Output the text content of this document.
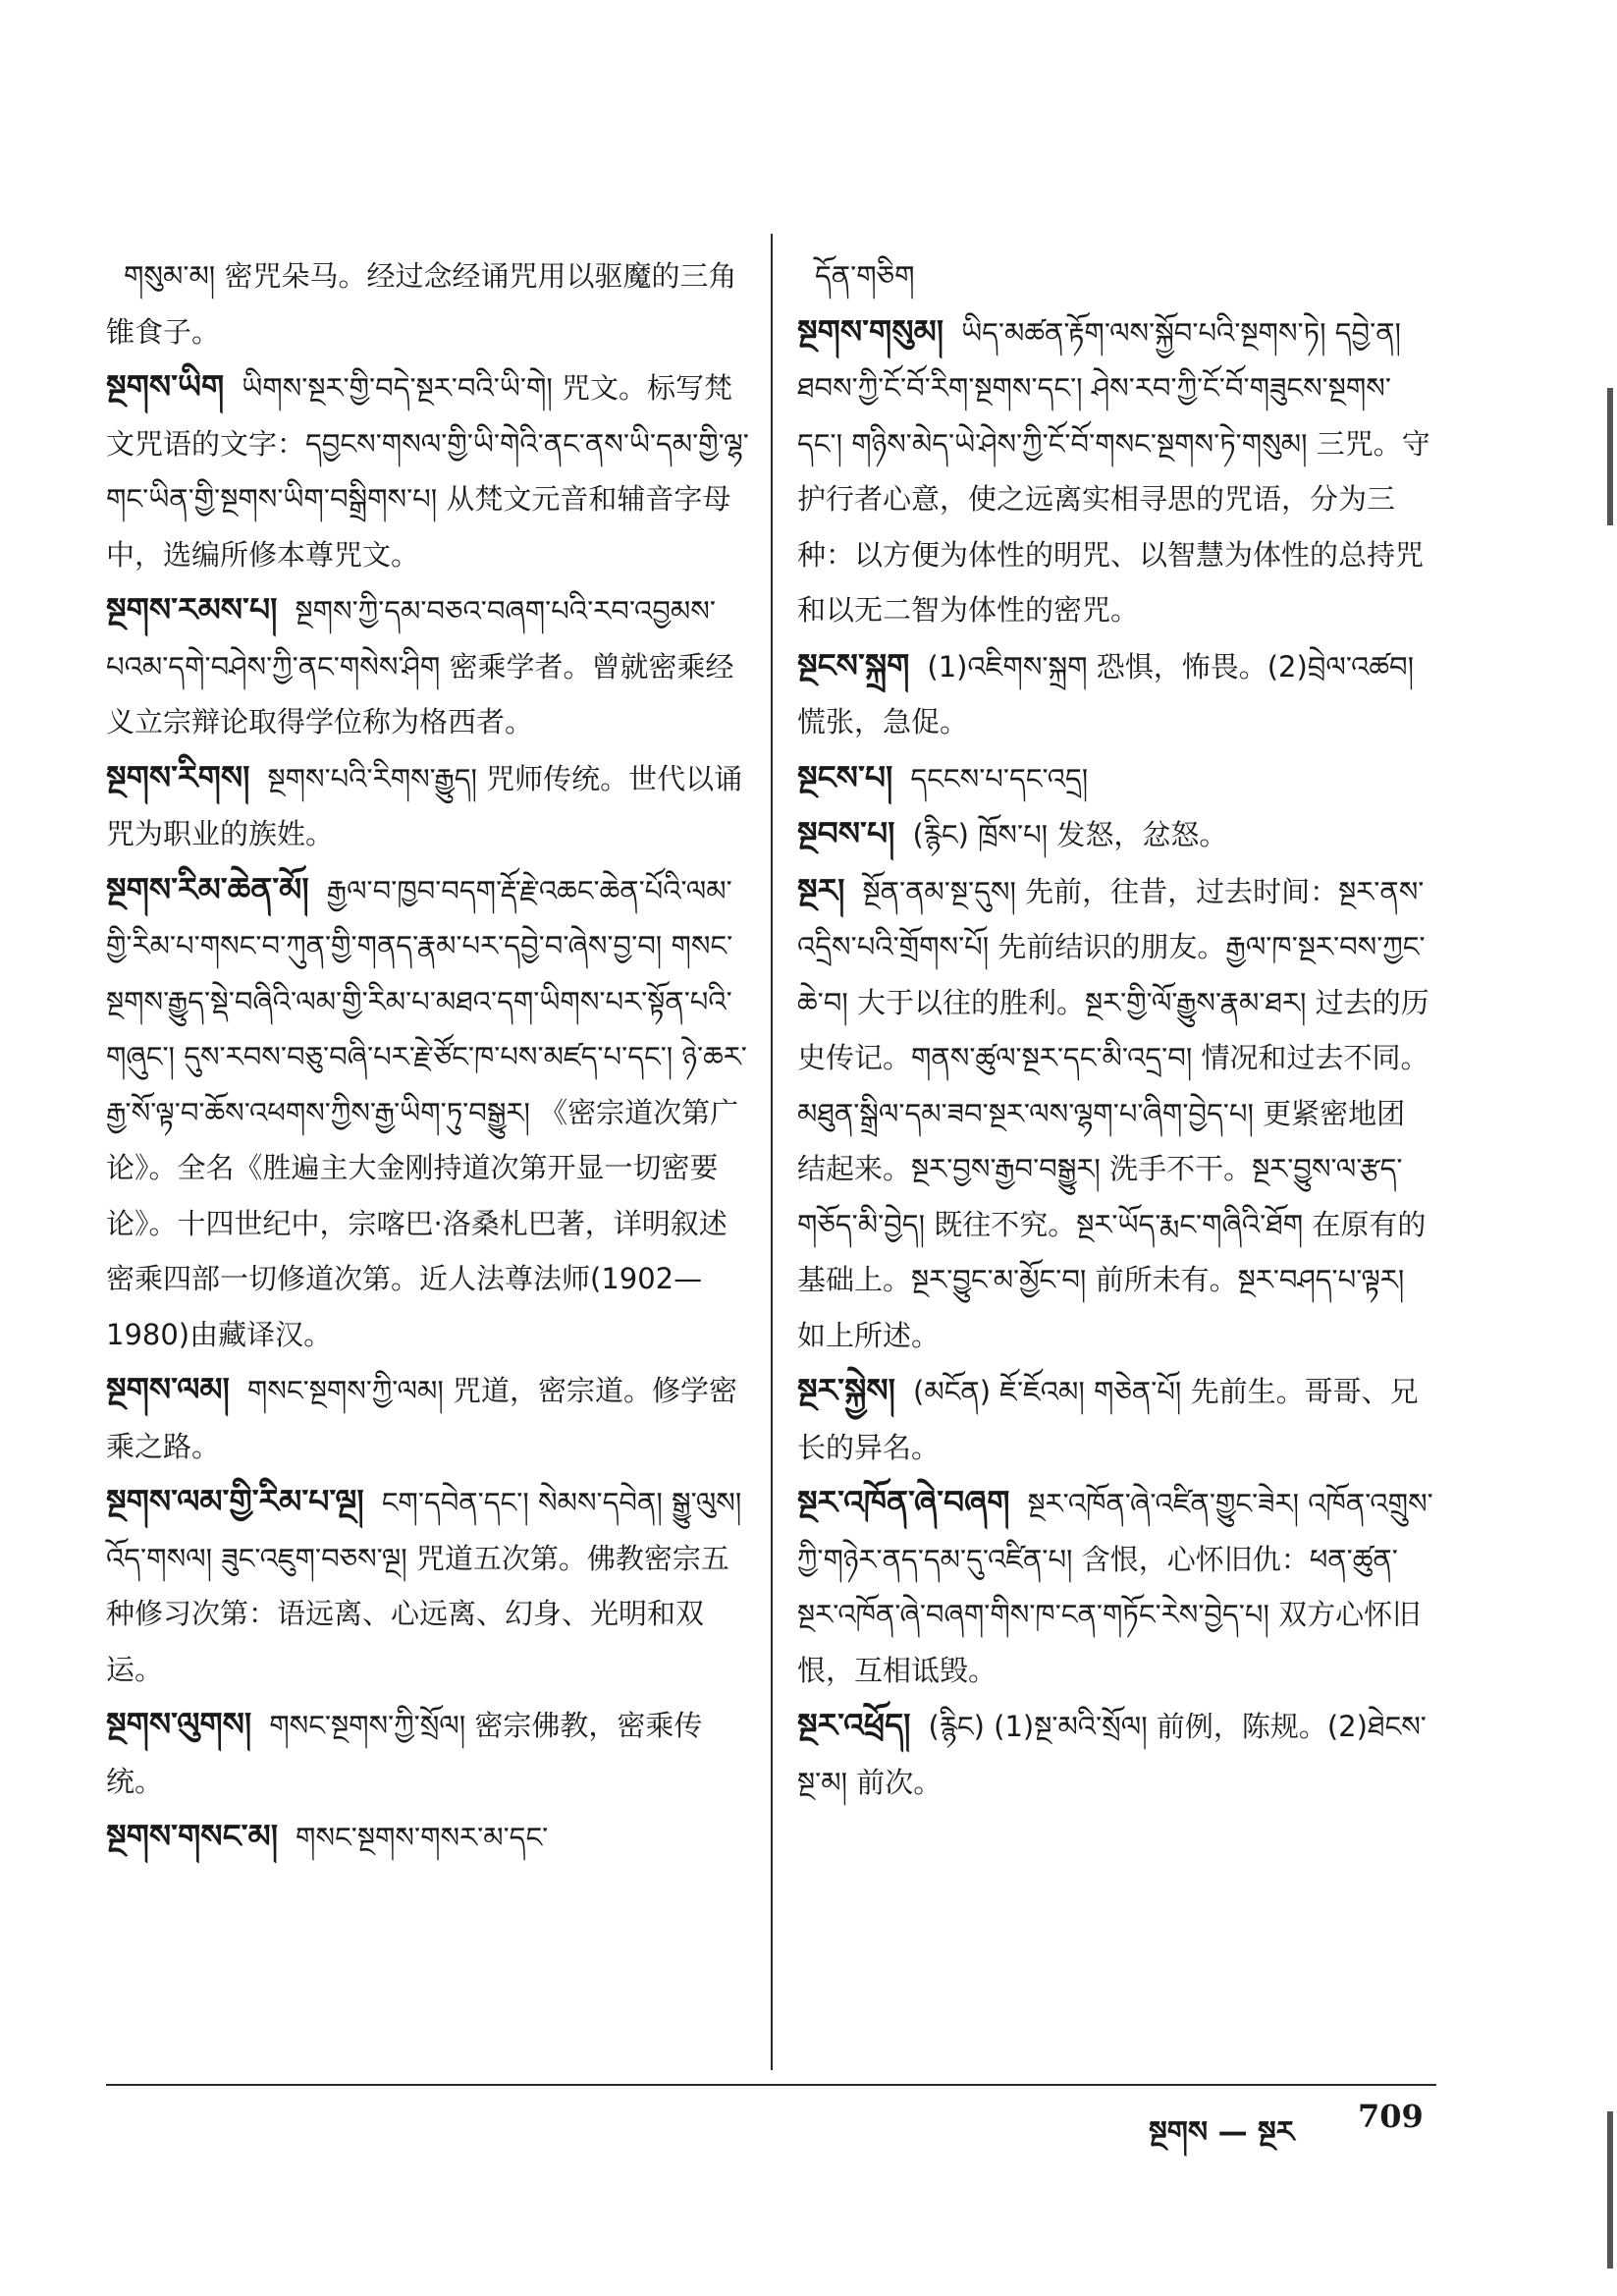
གསུམ་མ། 密咒朵马。经过念经诵咒用以驱魔的三角锥食子。
སྔགས་ཡིག ཡིགས་སྔར་གྱི་བདེ་སྔར་བའི་ཡི་གེ། 咒文。标写梵文咒语的文字：དབྱངས་གསལ་གྱི་ཡི་གེའི་ནང་ནས་ཡི་དམ་གྱི་ལྷ་གང་ཡིན་གྱི་སྔགས་ཡིག་བསྒྲིགས་པ། 从梵文元音和辅音字母中，选编所修本尊咒文。
སྔགས་རམས་པ། སྔགས་ཀྱི་དམ་བཅའ་བཞག་པའི་རབ་འབྱམས་པའམ་དགེ་བཤེས་ཀྱི་ནང་གསེས་ཤིག 密乘学者。曾就密乘经义立宗辩论取得学位称为格西者。
སྔགས་རིགས། སྔགས་པའི་རིགས་རྒྱུད། 咒师传统。世代以诵咒为职业的族姓。
སྔགས་རིམ་ཆེན་མོ། རྒྱལ་བ་ཁྱབ་བདག་རྡོ་རྗེ་འཆང་ཆེན་པོའི་ལམ་གྱི་རིམ་པ་གསང་བ་ཀུན་གྱི་གནད་རྣམ་པར་དབྱེ་བ་ཞེས་བྱ་བ། གསང་སྔགས་རྒྱུད་སྡེ་བཞིའི་ལམ་གྱི་རིམ་པ་མཐའ་དག་ཡིགས་པར་སྟོན་པའི་གཞུང་། དུས་རབས་བཅུ་བཞི་པར་རྗེ་ཙོང་ཁ་པས་མཛད་པ་དང་། ཉེ་ཆར་རྒྱ་སོ་ལྟ་བ་ཆོས་འཕགས་ཀྱིས་རྒྱ་ཡིག་ཏུ་བསྒྱུར། 《密宗道次第广论》。全名《胜遍主大金刚持道次第开显一切密要论》。十四世纪中，宗喀巴·洛桑札巴著，详明叙述密乘四部一切修道次第。近人法尊法师(1902—1980)由藏译汉。
སྔགས་ལམ། གསང་སྔགས་ཀྱི་ལམ། 咒道，密宗道。修学密乘之路。
སྔགས་ལམ་གྱི་རིམ་པ་ལྔ། ངག་དབེན་དང་། སེམས་དབེན། སྒྱུ་ལུས། འོད་གསལ། ཟུང་འཇུག་བཅས་ལྔ། 咒道五次第。佛教密宗五种修习次第：语远离、心远离、幻身、光明和双运。
སྔགས་ལུགས། གསང་སྔགས་ཀྱི་སྲོལ། 密宗佛教，密乘传统。
སྔགས་གསང་མ། གསང་སྔགས་གསར་མ་དང་
དོན་གཅིག
སྔགས་གསུམ། ཡིད་མཚན་རྟོག་ལས་སྐྱོབ་པའི་སྔགས་ཏེ། དབྱེ་ན། ཐབས་ཀྱི་ངོ་བོ་རིག་སྔགས་དང་། ཤེས་རབ་ཀྱི་ངོ་བོ་གཟུངས་སྔགས་དང་། གཉིས་མེད་ཡེ་ཤེས་ཀྱི་ངོ་བོ་གསང་སྔགས་ཏེ་གསུམ། 三咒。守护行者心意，使之远离实相寻思的咒语，分为三种：以方便为体性的明咒、以智慧为体性的总持咒和以无二智为体性的密咒。
སྔངས་སྐྲག (1)འཇིགས་སྐྲག 恐惧，怖畏。(2)བྲེལ་འཚབ། 慌张，急促。
སྔངས་པ། དངངས་པ་དང་འདྲ།
སྔབས་པ། (རྙིང) ཁྲོས་པ། 发怒，忿怒。
སྔར། སྔོན་ནམ་སྔ་དུས། 先前，往昔，过去时间：སྔར་ནས་འདྲིས་པའི་གྲོགས་པོ། 先前结识的朋友。རྒྱལ་ཁ་སྔར་བས་ཀྱང་ཆེ་བ། 大于以往的胜利。སྔར་གྱི་ལོ་རྒྱུས་རྣམ་ཐར། 过去的历史传记。གནས་ཚུལ་སྔར་དང་མི་འདྲ་བ། 情况和过去不同。མཐུན་སྒྲིལ་དམ་ཟབ་སྔར་ལས་ལྷག་པ་ཞིག་བྱེད་པ། 更紧密地团结起来。སྔར་བྱས་རྒྱབ་བསྒྱུར། 洗手不干。སྔར་བྱུས་ལ་རྩད་གཅོད་མི་བྱེད། 既往不究。སྔར་ཡོད་རྨང་གཞིའི་ཐོག 在原有的基础上。སྔར་བྱུང་མ་མྱོང་བ། 前所未有。སྔར་བཤད་པ་ལྟར། 如上所述。
སྔར་སྐྱེས། (མངོན) ཇོ་ཇོའམ། གཅེན་པོ། 先前生。哥哥、兄长的异名。
སྔར་འཁོན་ཞེ་བཞག སྔར་འཁོན་ཞེ་འཛིན་གྱུང་ཟེར། འཁོན་འགྲུས་ཀྱི་གཉེར་ནད་དམ་དུ་འཛིན་པ། 含恨，心怀旧仇：ཕན་ཚུན་སྔར་འཁོན་ཞེ་བཞག་གིས་ཁ་ངན་གཏོང་རེས་བྱེད་པ། 双方心怀旧恨，互相诋毁。
སྔར་འཕྲོད། (རྙིང) (1)སྔ་མའི་སྲོལ། 前例，陈规。(2)ཐེངས་སྔ་མ། 前次。
སྔགས — སྔར 709
